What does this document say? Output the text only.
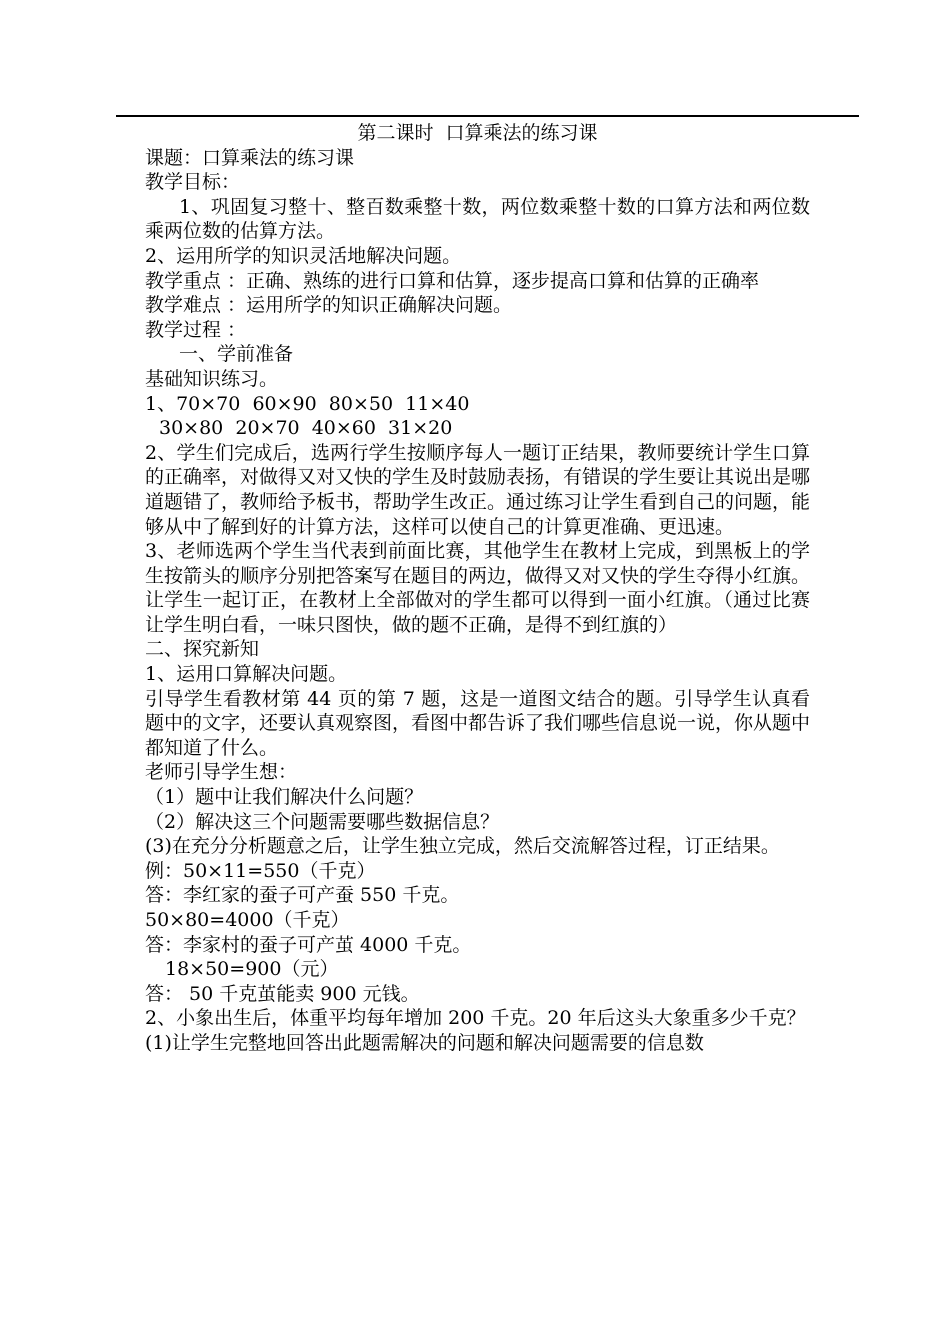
第二课时  口算乘法的练习课

课题：口算乘法的练习课

教学目标：

1、巩固复习整十、整百数乘整十数，两位数乘整十数的口算方法和两位数乘两位数的估算方法。

2、运用所学的知识灵活地解决问题。

教学重点 ：正确、熟练的进行口算和估算，逐步提高口算和估算的正确率

教学难点 ：运用所学的知识正确解决问题。

教学过程 ：

一、学前准备

基础知识练习。

1、70×70  60×90  80×50  11×40

30×80  20×70  40×60  31×20

2、学生们完成后，选两行学生按顺序每人一题订正结果，教师要统计学生口算的正确率，对做得又对又快的学生及时鼓励表扬，有错误的学生要让其说出是哪道题错了，教师给予板书，帮助学生改正。通过练习让学生看到自己的问题，能够从中了解到好的计算方法，这样可以使自己的计算更准确、更迅速。

3、老师选两个学生当代表到前面比赛，其他学生在教材上完成，到黑板上的学生按箭头的顺序分别把答案写在题目的两边，做得又对又快的学生夺得小红旗。

让学生一起订正，在教材上全部做对的学生都可以得到一面小红旗。（通过比赛让学生明白看，一味只图快，做的题不正确，是得不到红旗的）

二、探究新知

1、运用口算解决问题。

引导学生看教材第 44 页的第 7 题，这是一道图文结合的题。引导学生认真看题中的文字，还要认真观察图，看图中都告诉了我们哪些信息说一说，你从题中都知道了什么。

老师引导学生想：

（1）题中让我们解决什么问题？

（2）解决这三个问题需要哪些数据信息？

(3)在充分分析题意之后，让学生独立完成，然后交流解答过程，订正结果。

例：50×11=550（千克）

答：李红家的蚕子可产蚕 550 千克。

50×80=4000（千克）

答：李家村的蚕子可产茧 4000 千克。

18×50=900（元）

答： 50 千克茧能卖 900 元钱。

2、小象出生后，体重平均每年增加 200 千克。20 年后这头大象重多少千克？

(1)让学生完整地回答出此题需解决的问题和解决问题需要的信息数
